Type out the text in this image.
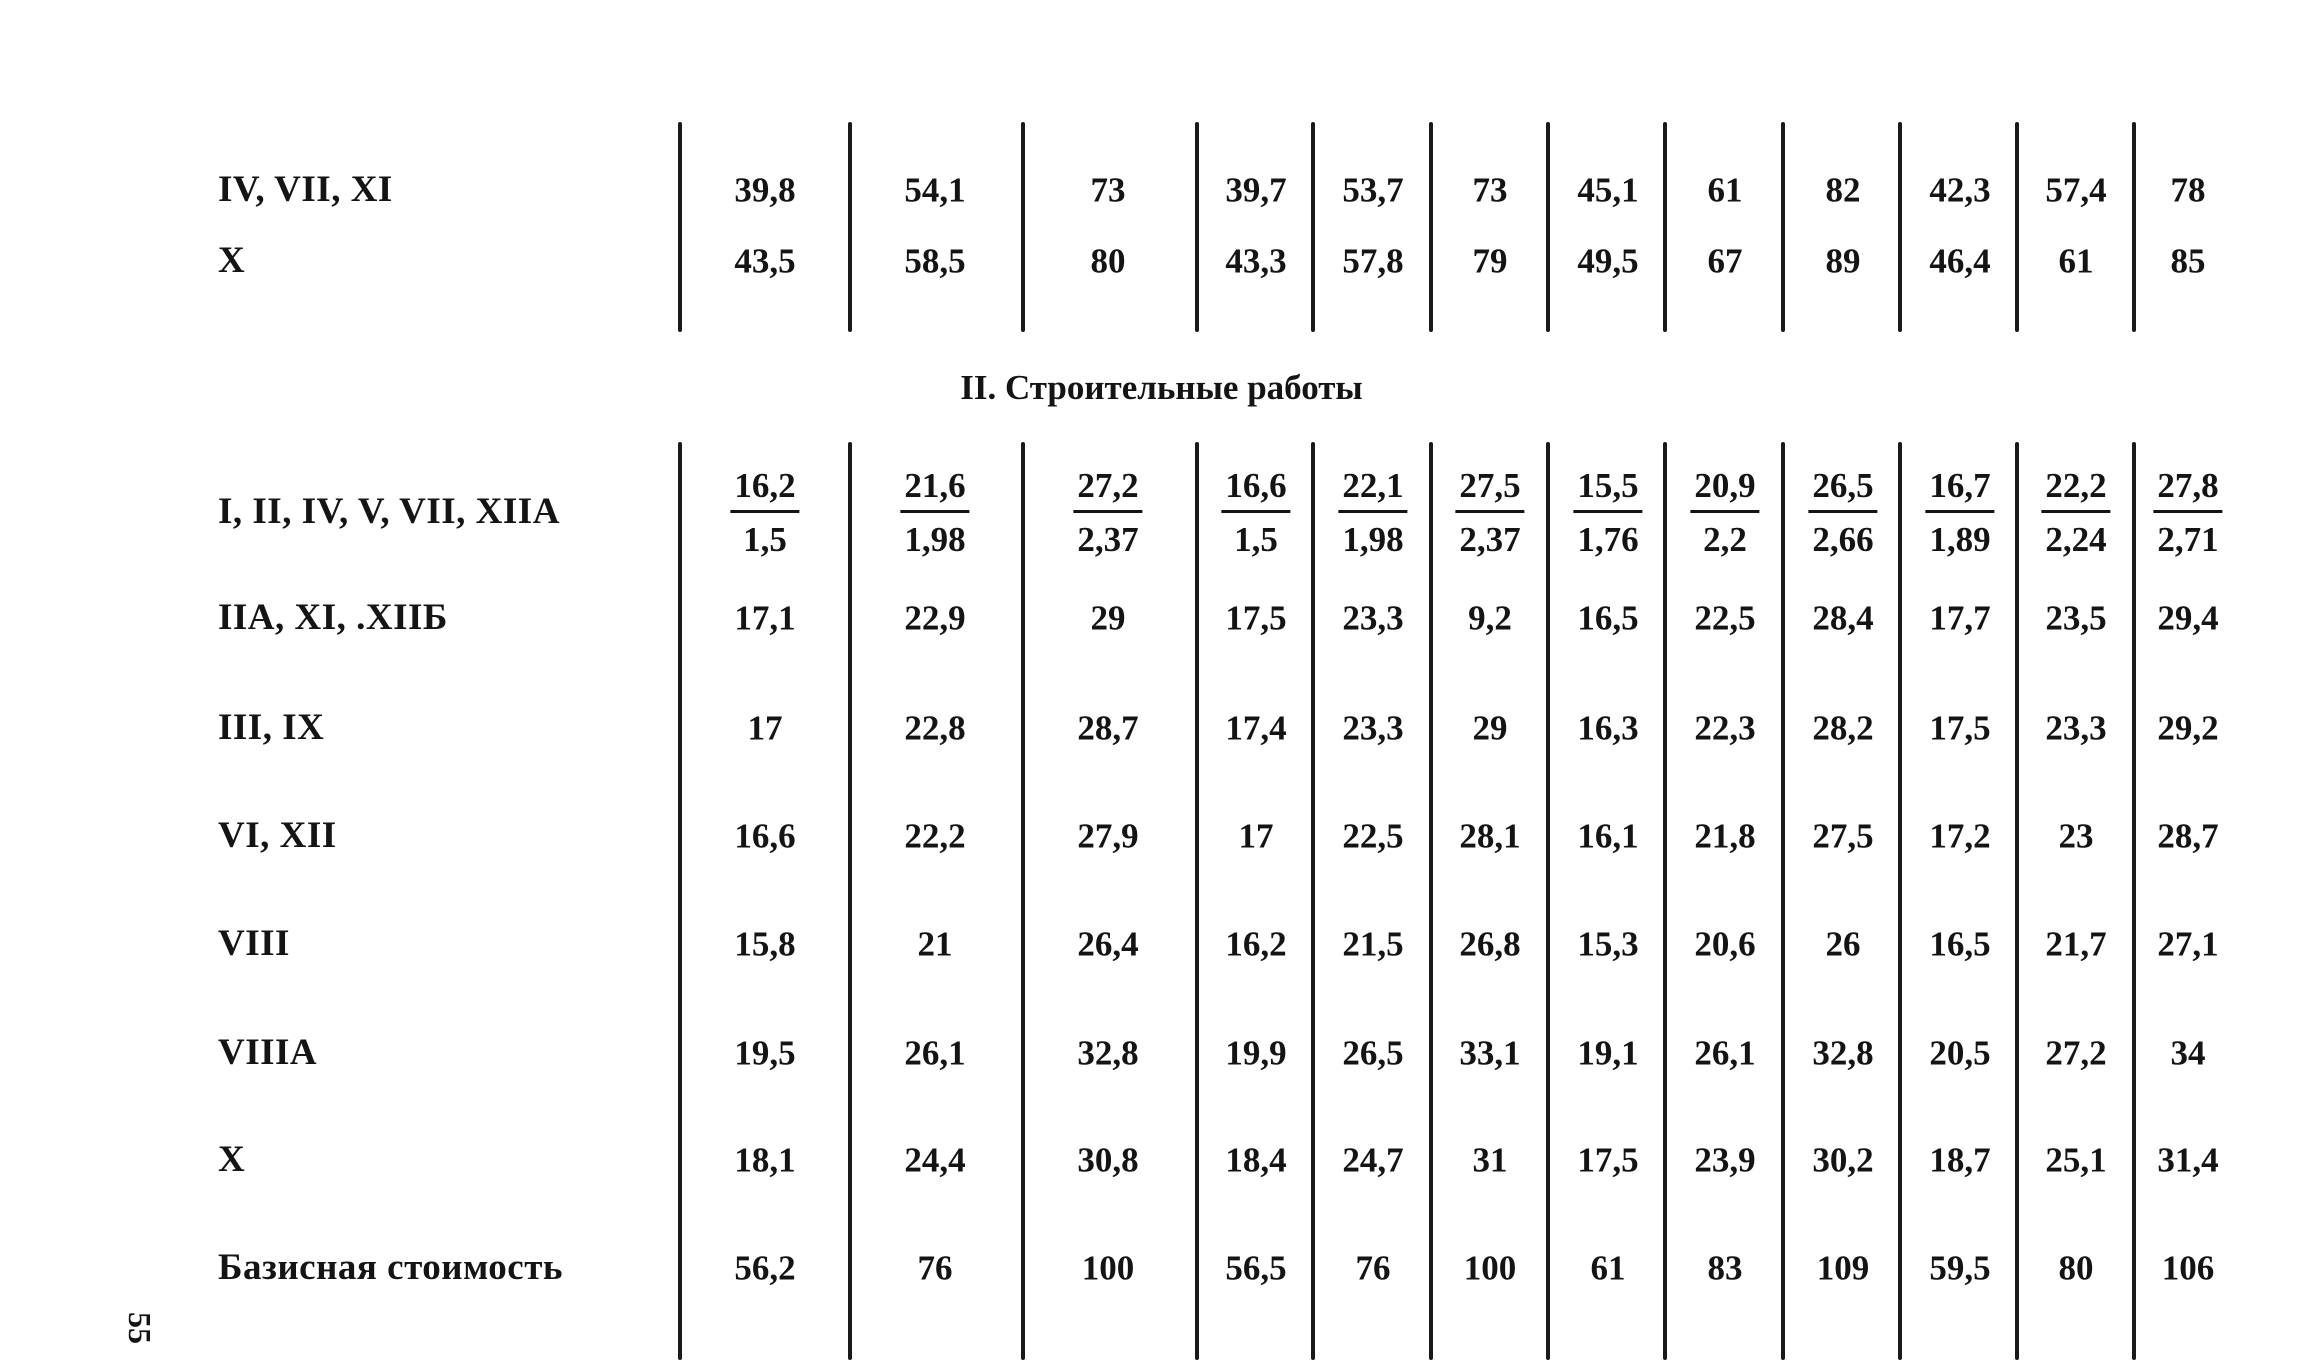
II. Строительные работы
55
IV, VII, XI	39,8	54,1	73	39,7 53,7 73 45,1 61 82 42,3 57,4 78
X	43,5	58,5	80	43,3 57,8 79 49,5 67 89 46,4 61 85
I, II, IV, V, VII, XIIA	$\frac{16,2}{1,5}$	$\frac{21,6}{1,98}$	$\frac{27,2}{2,37} \frac{16,6}{1,5} \frac{22,1}{1,98} \frac{27,5}{2,37} \frac{15,5}{1,76} \frac{20,9}{2,2} \frac{26,5}{2,66} \frac{16,7}{1,89} \frac{22,2}{2,24} \frac{27,8}{2,71}$
IIA, XI, .XIIБ	17,1	22,9	29	17,5 23,3 9,2 16,5 22,5 28,4 17,7 23,5 29,4
III, IX	17	22,8	28,7 17,4 23,3 29 16,3 22,3 28,2 17,5 23,3 29,2
VI, XII	16,6	22,2	27,9	17 22,5 28,1 16,1 21,8 27,5 17,2 23 28,7
VIII	15,8	21	26,4 16,2 21,5 26,8 15,3 20,6 26 16,5 21,7 27,1
VIIIA	19,5	26,1	32,8 19,9 26,5 33,1 19,1 26,1 32,8 20,5 27,2 34
X	18,1	24,4	30,8 18,4 24,7 31 17,5 23,9 30,2 18,7 25,1 31,4
Базисная стоимость	56,2	76	100	56,5 76 100 61 83 109 59,5 80 106
